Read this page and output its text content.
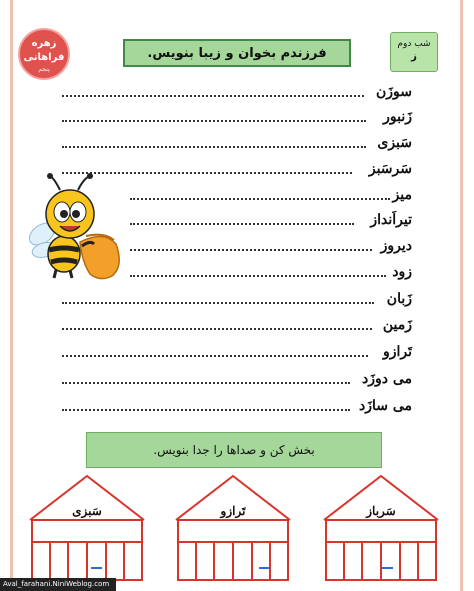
زهره
فراهانی
پنجم
فرزندم بخوان و زیبا بنویس.
شب دوم
ز
سوزَن
زَنبور
سَبزی
سَرسَبز
میز
تیراَنداز
دیروز
زود
زَبان
زَمین
تَرازو
می دوزَد
می سازَد
بخش کن و صداها را جدا بنویس.
سَبزی	تَرازو	سَرباز
Aval_farahani.NiniWeblog.com
